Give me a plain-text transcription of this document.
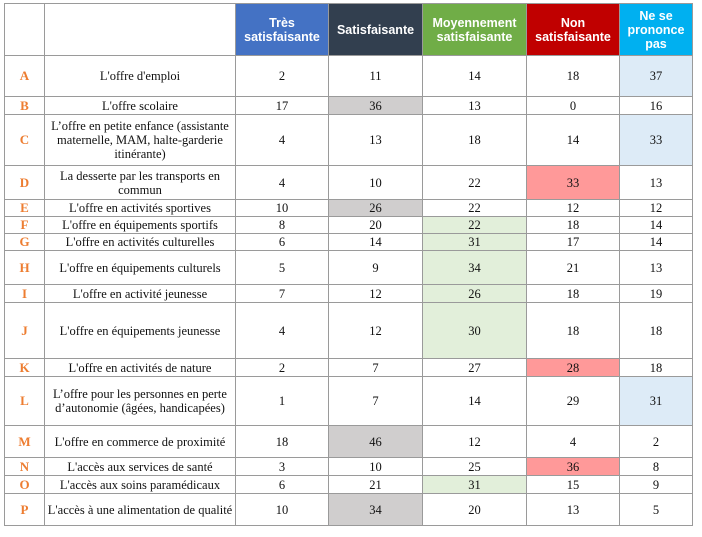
		Très satisfaisante	Satisfaisante	Moyennement satisfaisante	Non satisfaisante	Ne se prononce pas
A	L'offre d'emploi	2	11	14	18	37
B	L'offre scolaire	17	36	13	0	16
C	L’offre en petite enfance (assistante maternelle, MAM, halte-garderie itinérante)	4	13	18	14	33
D	La desserte par les transports en commun	4	10	22	33	13
E	L'offre en activités sportives	10	26	22	12	12
F	L'offre en équipements sportifs	8	20	22	18	14
G	L'offre en activités culturelles	6	14	31	17	14
H	L'offre en équipements culturels	5	9	34	21	13
I	L'offre en activité jeunesse	7	12	26	18	19
J	L'offre en équipements jeunesse	4	12	30	18	18
K	L'offre en activités de nature	2	7	27	28	18
L	L’offre pour les personnes en perte d’autonomie (âgées, handicapées)	1	7	14	29	31
M	L'offre en commerce de proximité	18	46	12	4	2
N	L'accès aux services de santé	3	10	25	36	8
O	L'accès aux soins paramédicaux	6	21	31	15	9
P	L'accès à une alimentation de qualité	10	34	20	13	5
